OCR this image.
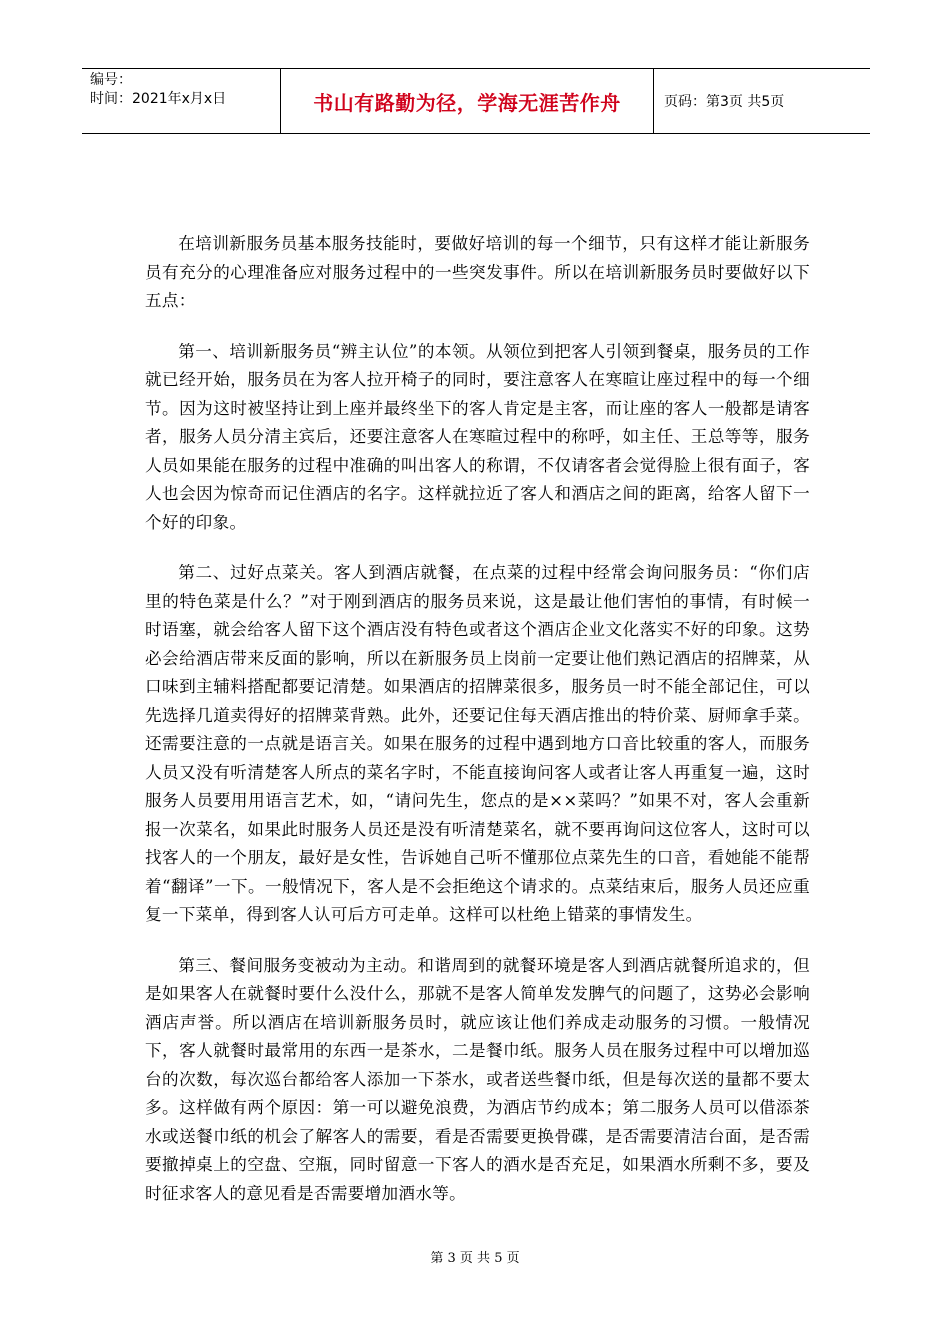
编号：
时间：2021年x月x日	书山有路勤为径，学海无涯苦作舟	页码：第3页 共5页

在培训新服务员基本服务技能时，要做好培训的每一个细节，只有这样才能让新服务员有充分的心理准备应对服务过程中的一些突发事件。所以在培训新服务员时要做好以下五点：

第一、培训新服务员“辨主认位”的本领。从领位到把客人引领到餐桌，服务员的工作就已经开始，服务员在为客人拉开椅子的同时，要注意客人在寒暄让座过程中的每一个细节。因为这时被坚持让到上座并最终坐下的客人肯定是主客，而让座的客人一般都是请客者，服务人员分清主宾后，还要注意客人在寒暄过程中的称呼，如主任、王总等等，服务人员如果能在服务的过程中准确的叫出客人的称谓，不仅请客者会觉得脸上很有面子，客人也会因为惊奇而记住酒店的名字。这样就拉近了客人和酒店之间的距离，给客人留下一个好的印象。

第二、过好点菜关。客人到酒店就餐，在点菜的过程中经常会询问服务员：“你们店里的特色菜是什么？”对于刚到酒店的服务员来说，这是最让他们害怕的事情，有时候一时语塞，就会给客人留下这个酒店没有特色或者这个酒店企业文化落实不好的印象。这势必会给酒店带来反面的影响，所以在新服务员上岗前一定要让他们熟记酒店的招牌菜，从口味到主辅料搭配都要记清楚。如果酒店的招牌菜很多，服务员一时不能全部记住，可以先选择几道卖得好的招牌菜背熟。此外，还要记住每天酒店推出的特价菜、厨师拿手菜。还需要注意的一点就是语言关。如果在服务的过程中遇到地方口音比较重的客人，而服务人员又没有听清楚客人所点的菜名字时，不能直接询问客人或者让客人再重复一遍，这时服务人员要用用语言艺术，如，“请问先生，您点的是××菜吗？”如果不对，客人会重新报一次菜名，如果此时服务人员还是没有听清楚菜名，就不要再询问这位客人，这时可以找客人的一个朋友，最好是女性，告诉她自己听不懂那位点菜先生的口音，看她能不能帮着“翻译”一下。一般情况下，客人是不会拒绝这个请求的。点菜结束后，服务人员还应重复一下菜单，得到客人认可后方可走单。这样可以杜绝上错菜的事情发生。

第三、餐间服务变被动为主动。和谐周到的就餐环境是客人到酒店就餐所追求的，但是如果客人在就餐时要什么没什么，那就不是客人简单发发脾气的问题了，这势必会影响酒店声誉。所以酒店在培训新服务员时，就应该让他们养成走动服务的习惯。一般情况下，客人就餐时最常用的东西一是茶水，二是餐巾纸。服务人员在服务过程中可以增加巡台的次数，每次巡台都给客人添加一下茶水，或者送些餐巾纸，但是每次送的量都不要太多。这样做有两个原因：第一可以避免浪费，为酒店节约成本；第二服务人员可以借添茶水或送餐巾纸的机会了解客人的需要，看是否需要更换骨碟，是否需要清洁台面，是否需要撤掉桌上的空盘、空瓶，同时留意一下客人的酒水是否充足，如果酒水所剩不多，要及时征求客人的意见看是否需要增加酒水等。

第 3 页 共 5 页
